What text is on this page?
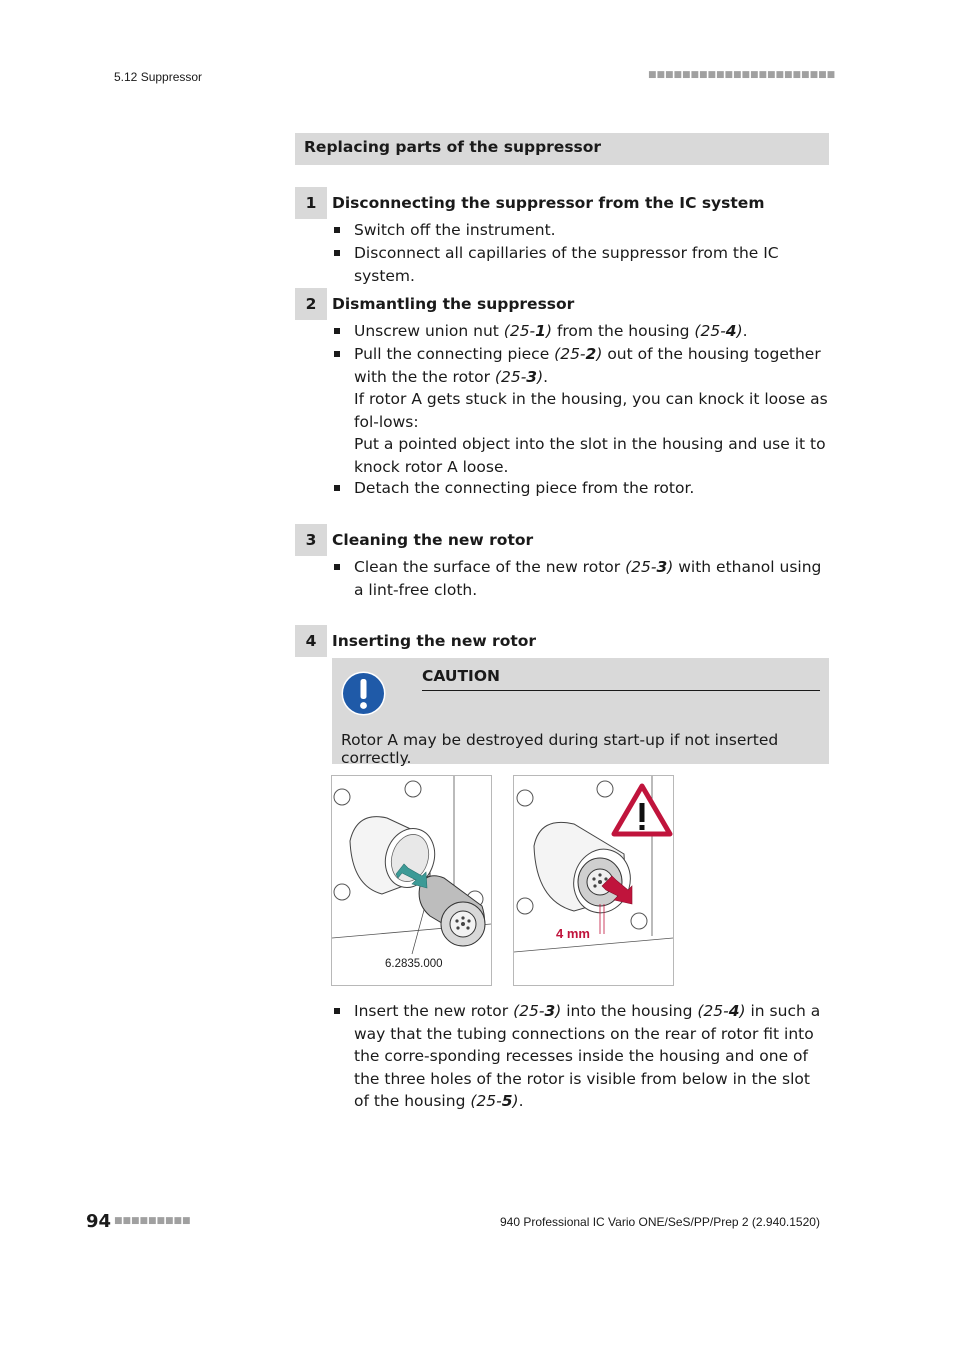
5.12 Suppressor	■■■■■■■■■■■■■■■■■■■■■■
Replacing parts of the suppressor
1	Disconnecting the suppressor from the IC system
Switch off the instrument.
Disconnect all capillaries of the suppressor from the IC system.
2	Dismantling the suppressor
Unscrew union nut (25-1) from the housing (25-4).
Pull the connecting piece (25-2) out of the housing together with the the rotor (25-3).
If rotor A gets stuck in the housing, you can knock it loose as fol-lows:
Put a pointed object into the slot in the housing and use it to knock rotor A loose.
Detach the connecting piece from the rotor.
3	Cleaning the new rotor
Clean the surface of the new rotor (25-3) with ethanol using a lint-free cloth.
4	Inserting the new rotor
CAUTION
Rotor A may be destroyed during start-up if not inserted correctly.
6.2835.000
4 mm
Insert the new rotor (25-3) into the housing (25-4) in such a way that the tubing connections on the rear of rotor fit into the corre-sponding recesses inside the housing and one of the three holes of the rotor is visible from below in the slot of the housing (25-5).
94 ■■■■■■■■■	940 Professional IC Vario ONE/SeS/PP/Prep 2 (2.940.1520)
